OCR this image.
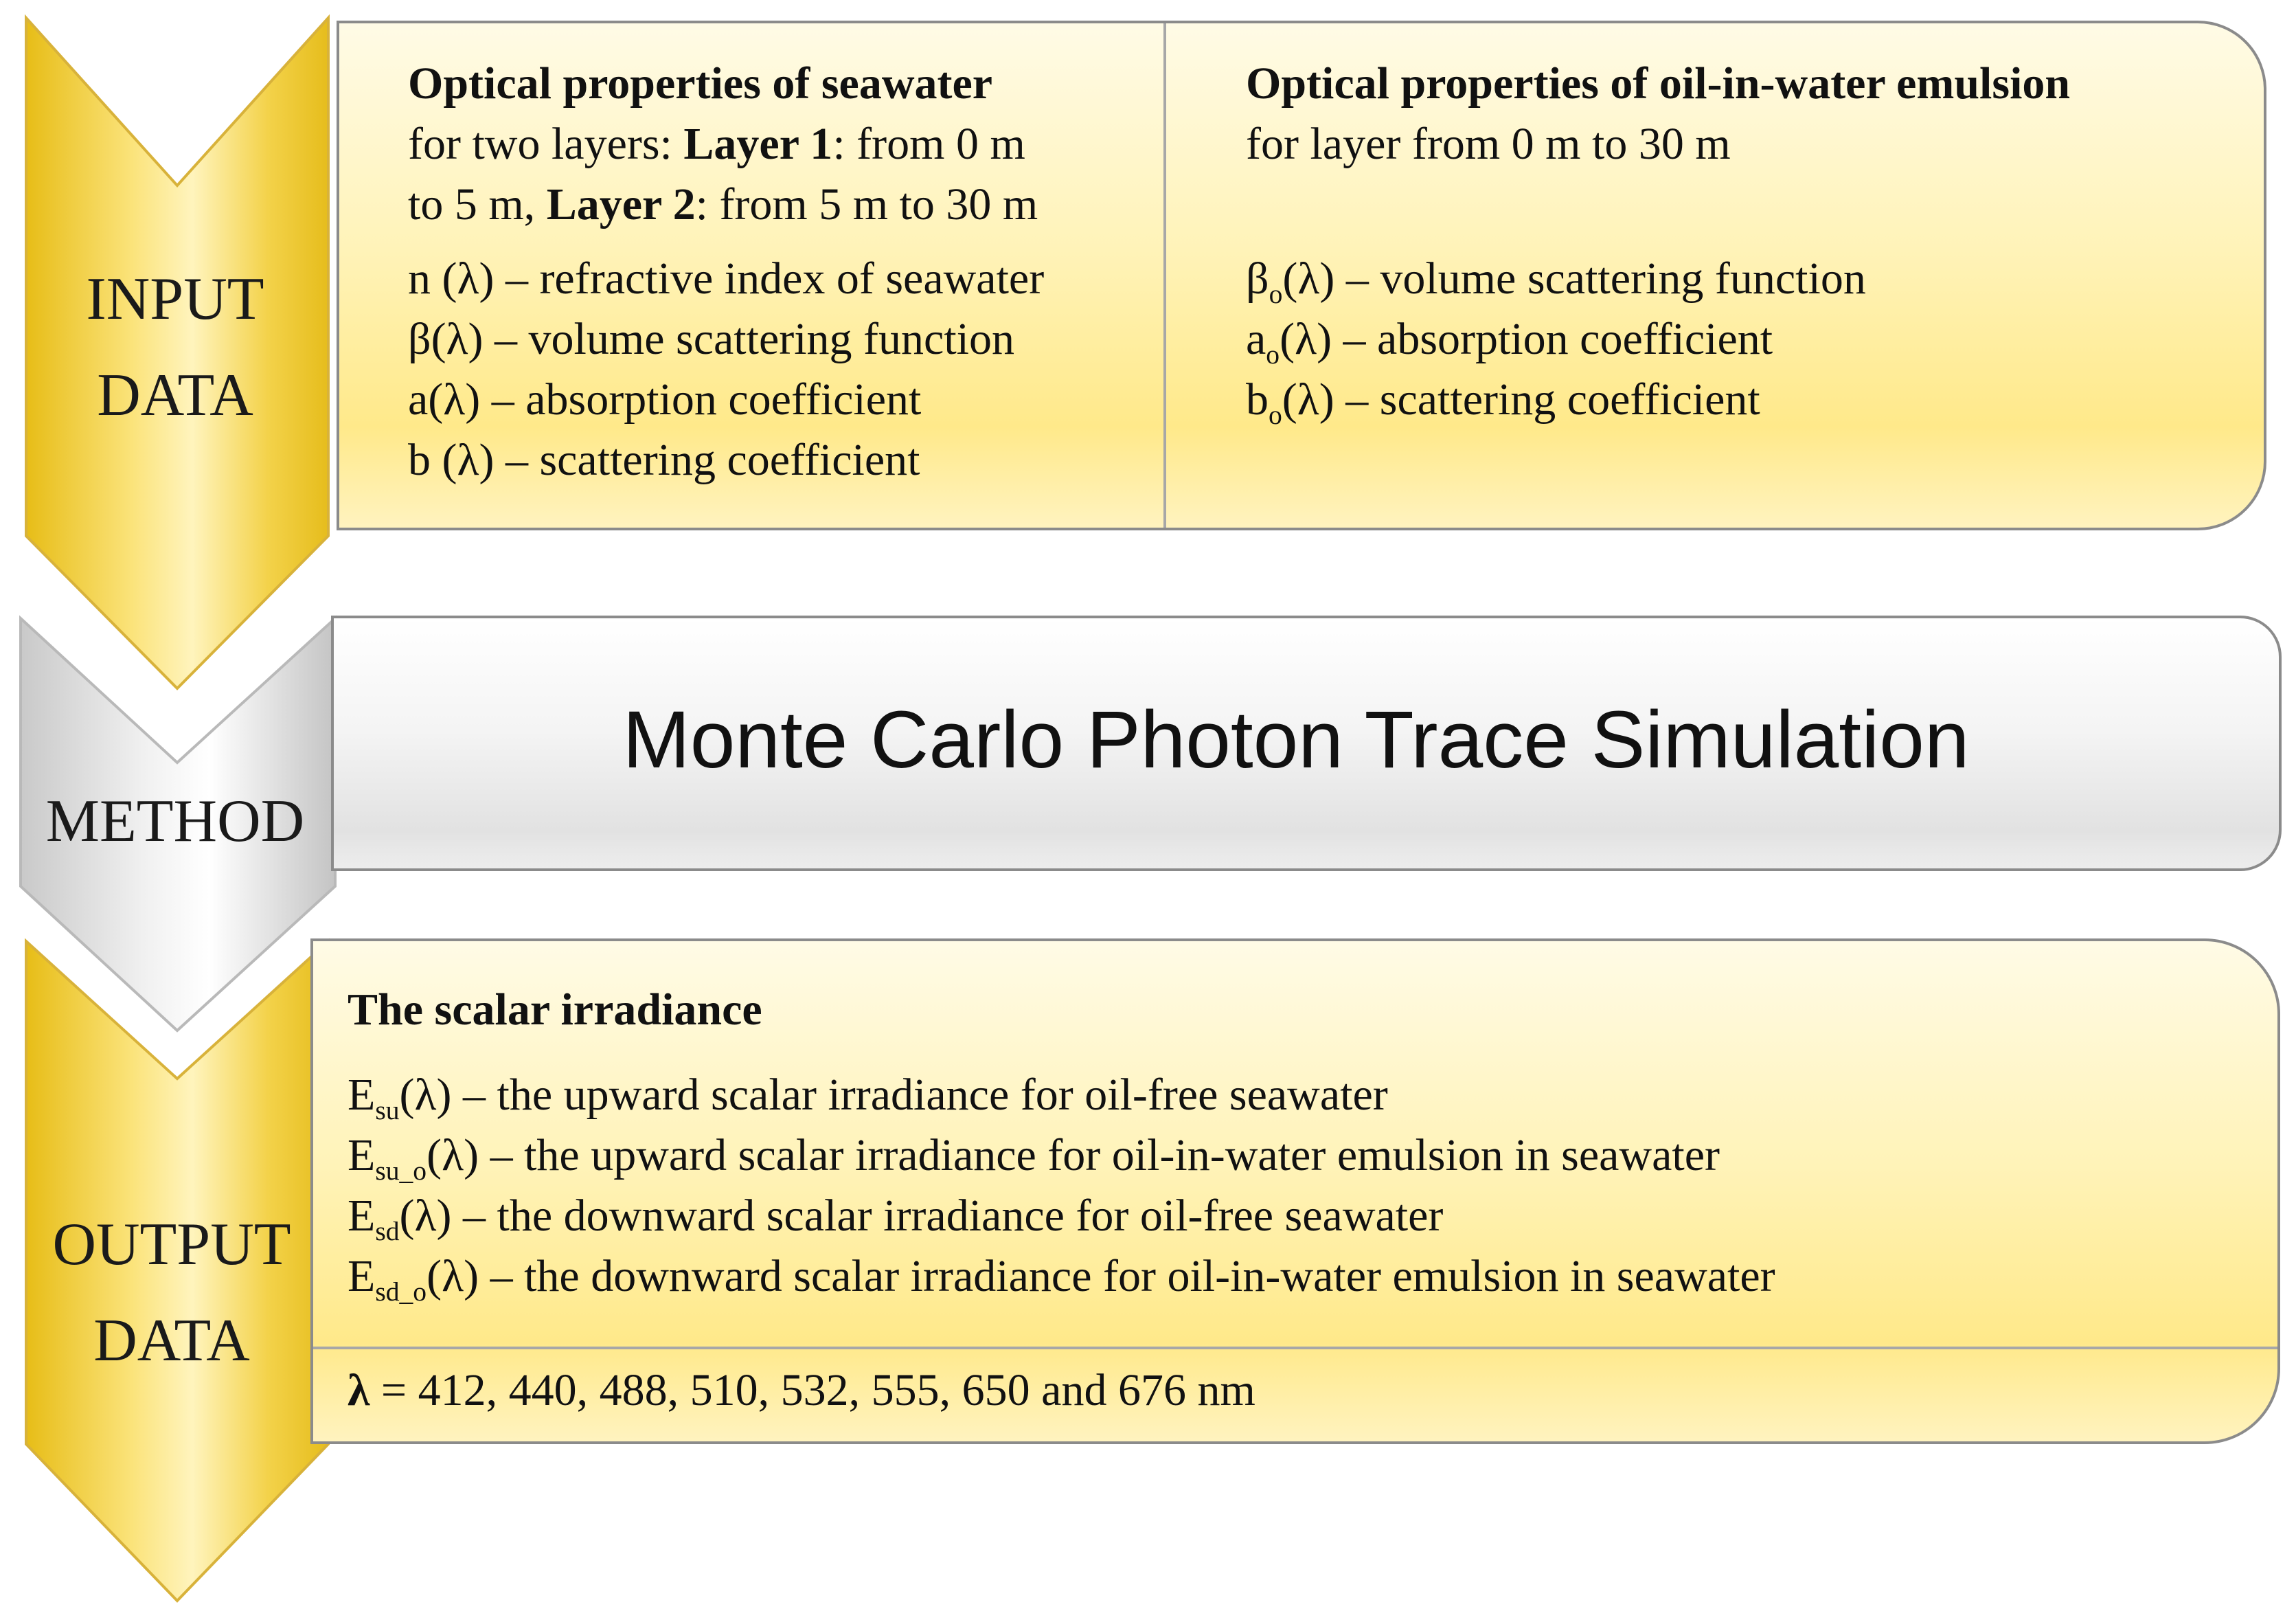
INPUT
DATA
METHOD
OUTPUT
DATA
Optical properties of seawater
for two layers: Layer 1: from 0 m
to 5 m, Layer 2: from 5 m to 30 m
n (λ) – refractive index of seawater
β(λ) – volume scattering function
a(λ) – absorption coefficient
b (λ) – scattering coefficient
Optical properties of oil-in-water emulsion
for layer from 0 m to 30 m
$\beta_o(\lambda)$ – volume scattering function
$a_o(\lambda)$ – absorption coefficient
$b_o(\lambda)$ – scattering coefficient
Monte Carlo Photon Trace Simulation
The scalar irradiance
$E_{su}(\lambda)$ – the upward scalar irradiance for oil-free seawater
$E_{su\_o}(\lambda)$ – the upward scalar irradiance for oil-in-water emulsion in seawater
$E_{sd}(\lambda)$ – the downward scalar irradiance for oil-free seawater
$E_{sd\_o}(\lambda)$ – the downward scalar irradiance for oil-in-water emulsion in seawater
λ = 412, 440, 488, 510, 532, 555, 650 and 676 nm
